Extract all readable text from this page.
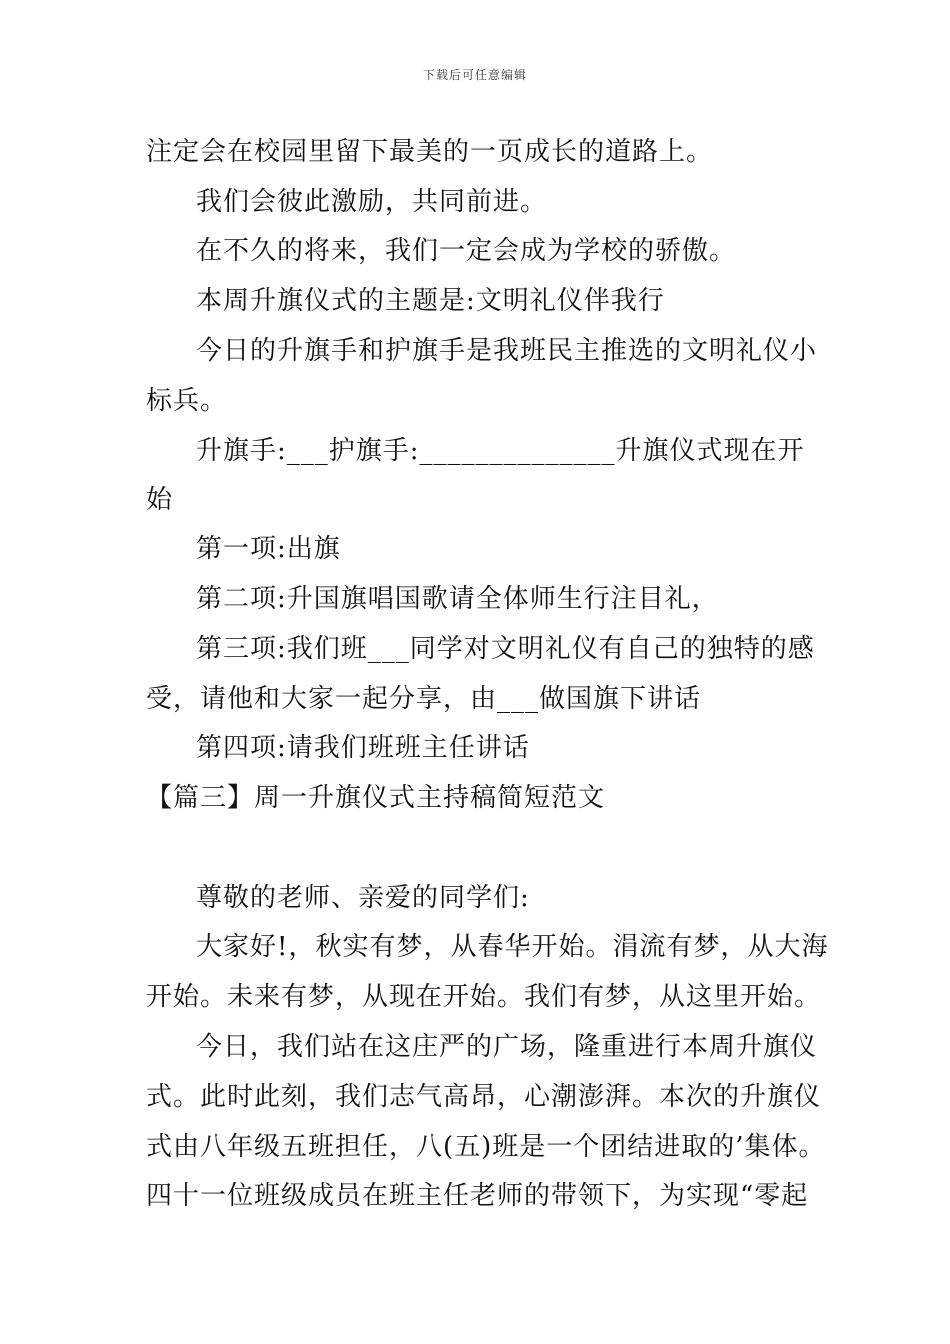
下载后可任意编辑
注定会在校园里留下最美的一页成长的道路上。
我们会彼此激励，共同前进。
在不久的将来，我们一定会成为学校的骄傲。
本周升旗仪式的主题是:文明礼仪伴我行
今日的升旗手和护旗手是我班民主推选的文明礼仪小
标兵。
升旗手:___护旗手:______________升旗仪式现在开
始
第一项:出旗
第二项:升国旗唱国歌请全体师生行注目礼，
第三项:我们班___同学对文明礼仪有自己的独特的感
受，请他和大家一起分享，由___做国旗下讲话
第四项:请我们班班主任讲话
【篇三】周一升旗仪式主持稿简短范文
尊敬的老师、亲爱的同学们:
大家好!，秋实有梦，从春华开始。涓流有梦，从大海
开始。未来有梦，从现在开始。我们有梦，从这里开始。
今日，我们站在这庄严的广场，隆重进行本周升旗仪
式。此时此刻，我们志气高昂，心潮澎湃。本次的升旗仪
式由八年级五班担任，八(五)班是一个团结进取的’集体。
四十一位班级成员在班主任老师的带领下，为实现“零起
